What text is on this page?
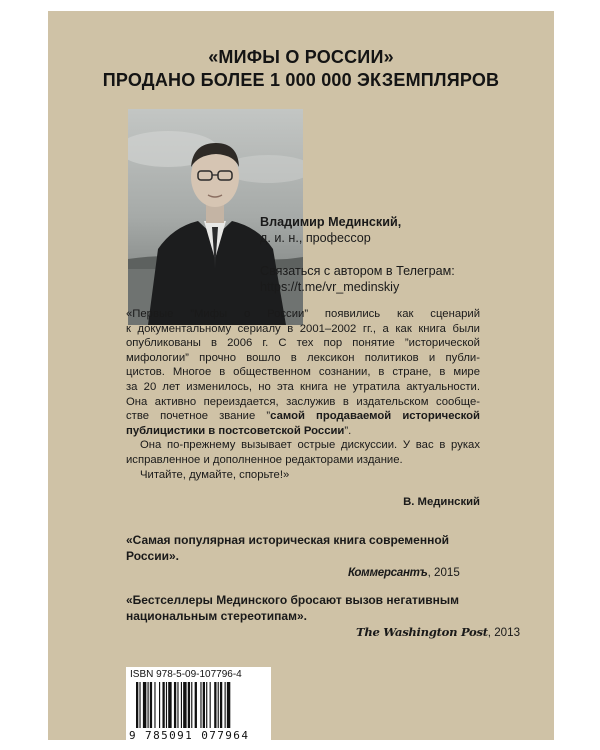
«МИФЫ О РОССИИ»
ПРОДАНО БОЛЕЕ 1 000 000 ЭКЗЕМПЛЯРОВ
Владимир Мединский,
д. и. н., профессор
Связаться с автором в Телеграм:
https://t.me/vr_medinskiy

«Первые ”Мифы о России” появились как сценарий

к документальному сериалу в 2001–2002 гг., а как книга были

опубликованы в 2006 г. С тех пор понятие ”исторической

мифологии” прочно вошло в лексикон политиков и публи-

цистов. Многое в общественном сознании, в стране, в мире

за 20 лет изменилось, но эта книга не утратила актуальности.

Она активно переиздается, заслужив в издательском сообще-

стве почетное звание ”самой продаваемой исторической

публицистики в постсоветской России”.

Она по-прежнему вызывает острые дискуссии. У вас в руках

исправленное и дополненное редакторами издание.

Читайте, думайте, спорьте!»

В. Мединский
«Самая популярная историческая книга современной России».
Коммерсантъ, 2015
«Бестселлеры Мединского бросают вызов негативным национальным стереотипам».
The Washington Post, 2013
ISBN 978-5-09-107796-4
9 785091 077964
